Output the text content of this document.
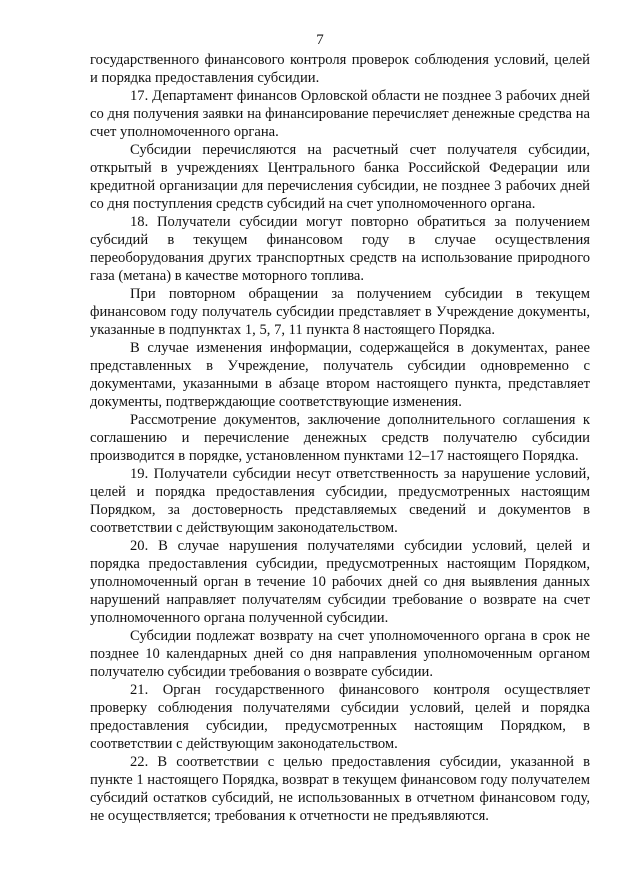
7

государственного финансового контроля проверок соблюдения условий, целей и порядка предоставления субсидии.

17. Департамент финансов Орловской области не позднее 3 рабочих дней со дня получения заявки на финансирование перечисляет денежные средства на счет уполномоченного органа.

Субсидии перечисляются на расчетный счет получателя субсидии, открытый в учреждениях Центрального банка Российской Федерации или кредитной организации для перечисления субсидии, не позднее 3 рабочих дней со дня поступления средств субсидий на счет уполномоченного органа.

18. Получатели субсидии могут повторно обратиться за получением субсидий в текущем финансовом году в случае осуществления переоборудования других транспортных средств на использование природного газа (метана) в качестве моторного топлива.

При повторном обращении за получением субсидии в текущем финансовом году получатель субсидии представляет в Учреждение документы, указанные в подпунктах 1, 5, 7, 11 пункта 8 настоящего Порядка.

В случае изменения информации, содержащейся в документах, ранее представленных в Учреждение, получатель субсидии одновременно с документами, указанными в абзаце втором настоящего пункта, представляет документы, подтверждающие соответствующие изменения.

Рассмотрение документов, заключение дополнительного соглашения к соглашению и перечисление денежных средств получателю субсидии производится в порядке, установленном пунктами 12–17 настоящего Порядка.

19. Получатели субсидии несут ответственность за нарушение условий, целей и порядка предоставления субсидии, предусмотренных настоящим Порядком, за достоверность представляемых сведений и документов в соответствии с действующим законодательством.

20. В случае нарушения получателями субсидии условий, целей и порядка предоставления субсидии, предусмотренных настоящим Порядком, уполномоченный орган в течение 10 рабочих дней со дня выявления данных нарушений направляет получателям субсидии требование о возврате на счет уполномоченного органа полученной субсидии.

Субсидии подлежат возврату на счет уполномоченного органа в срок не позднее 10 календарных дней со дня направления уполномоченным органом получателю субсидии требования о возврате субсидии.

21. Орган государственного финансового контроля осуществляет проверку соблюдения получателями субсидии условий, целей и порядка предоставления субсидии, предусмотренных настоящим Порядком, в соответствии с действующим законодательством.

22. В соответствии с целью предоставления субсидии, указанной в пункте 1 настоящего Порядка, возврат в текущем финансовом году получателем субсидий остатков субсидий, не использованных в отчетном финансовом году, не осуществляется; требования к отчетности не предъявляются.
